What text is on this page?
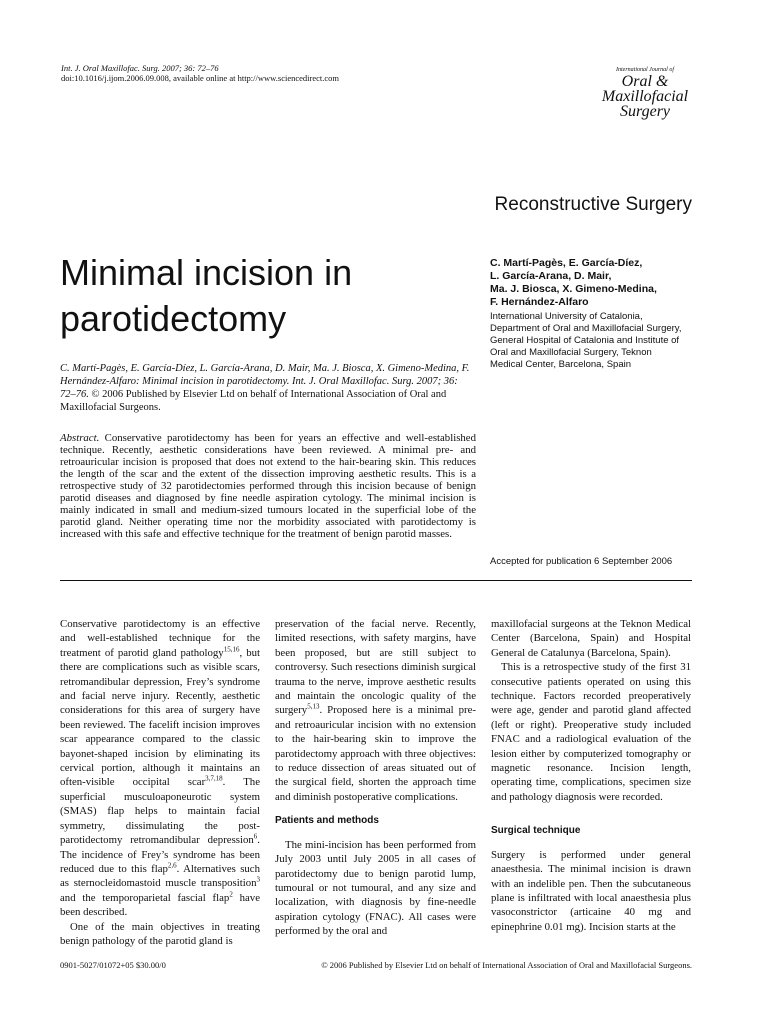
Int. J. Oral Maxillofac. Surg. 2007; 36: 72–76
doi:10.1016/j.ijom.2006.09.008, available online at http://www.sciencedirect.com
International Journal of
Oral &
Maxillofacial
Surgery
Reconstructive Surgery
Minimal incision in
parotidectomy
C. Martí-Pagès, E. García-Díez,
L. García-Arana, D. Mair,
Ma. J. Biosca, X. Gimeno-Medina,
F. Hernández-Alfaro
International University of Catalonia,
Department of Oral and Maxillofacial Surgery,
General Hospital of Catalonia and Institute of
Oral and Maxillofacial Surgery, Teknon
Medical Center, Barcelona, Spain
C. Martí-Pagès, E. García-Díez, L. García-Arana, D. Mair, Ma. J. Biosca, X. Gimeno-Medina, F. Hernández-Alfaro: Minimal incision in parotidectomy. Int. J. Oral Maxillofac. Surg. 2007; 36: 72–76. © 2006 Published by Elsevier Ltd on behalf of International Association of Oral and Maxillofacial Surgeons.
Abstract. Conservative parotidectomy has been for years an effective and well-established technique. Recently, aesthetic considerations have been reviewed. A minimal pre- and retroauricular incision is proposed that does not extend to the hair-bearing skin. This reduces the length of the scar and the extent of the dissection improving aesthetic results. This is a retrospective study of 32 parotidectomies performed through this incision because of benign parotid diseases and diagnosed by fine needle aspiration cytology. The minimal incision is mainly indicated in small and medium-sized tumours located in the superficial lobe of the parotid gland. Neither operating time nor the morbidity associated with parotidectomy is increased with this safe and effective technique for the treatment of benign parotid masses.
Accepted for publication 6 September 2006

Conservative parotidectomy is an effective and well-established technique for the treatment of parotid gland pathology$^{15,16}$, but there are complications such as visible scars, retromandibular depression, Frey’s syndrome and facial nerve injury. Recently, aesthetic considerations for this area of surgery have been reviewed. The facelift incision improves scar appearance compared to the classic bayonet-shaped incision by eliminating its cervical portion, although it maintains an often-visible occipital scar$^{3,7,18}$. The superficial musculoaponeurotic system (SMAS) flap helps to maintain facial symmetry, dissimulating the post-parotidectomy retromandibular depression$^6$. The incidence of Frey’s syndrome has been reduced due to this flap$^{2,6}$. Alternatives such as sternocleidomastoid muscle transposition$^3$ and the temporoparietal fascial flap$^2$ have been described.

One of the main objectives in treating benign pathology of the parotid gland is

preservation of the facial nerve. Recently, limited resections, with safety margins, have been proposed, but are still subject to controversy. Such resections diminish surgical trauma to the nerve, improve aesthetic results and maintain the oncologic quality of the surgery$^{5,13}$. Proposed here is a minimal pre- and retroauricular incision with no extension to the hair-bearing skin to improve the parotidectomy approach with three objectives: to reduce dissection of areas situated out of the surgical field, shorten the approach time and diminish postoperative complications.

Patients and methods

The mini-incision has been performed from July 2003 until July 2005 in all cases of parotidectomy due to benign parotid lump, tumoural or not tumoural, and any size and localization, with diagnosis by fine-needle aspiration cytology (FNAC). All cases were performed by the oral and

maxillofacial surgeons at the Teknon Medical Center (Barcelona, Spain) and Hospital General de Catalunya (Barcelona, Spain).

This is a retrospective study of the first 31 consecutive patients operated on using this technique. Factors recorded preoperatively were age, gender and parotid gland affected (left or right). Preoperative study included FNAC and a radiological evaluation of the lesion either by computerized tomography or magnetic resonance. Incision length, operating time, complications, specimen size and pathology diagnosis were recorded.

Surgical technique

Surgery is performed under general anaesthesia. The minimal incision is drawn with an indelible pen. Then the subcutaneous plane is infiltrated with local anaesthesia plus vasoconstrictor (articaine 40 mg and epinephrine 0.01 mg). Incision starts at the

0901-5027/01072+05 $30.00/0	© 2006 Published by Elsevier Ltd on behalf of International Association of Oral and Maxillofacial Surgeons.
